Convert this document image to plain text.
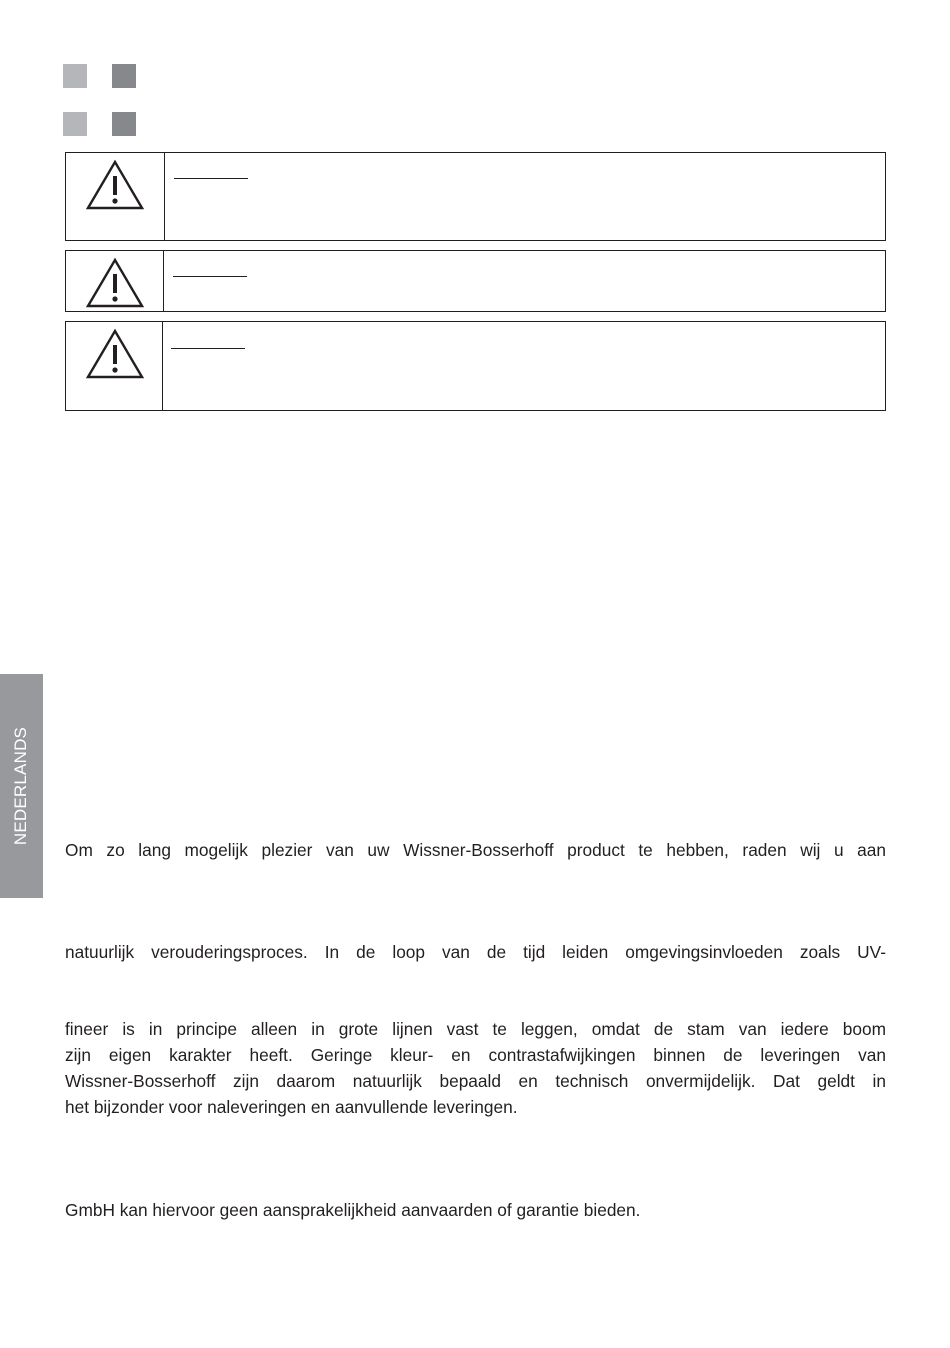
NEDERLANDS

Om zo lang mogelijk plezier van uw Wissner-Bosserhoff product te hebben, raden wij u aan

natuurlijk verouderingsproces. In de loop van de tijd leiden omgevingsinvloeden zoals UV-

fineer is in principe alleen in grote lijnen vast te leggen, omdat de stam van iedere boom
zijn eigen karakter heeft. Geringe kleur- en contrastafwijkingen binnen de leveringen van
Wissner-Bosserhoff zijn daarom natuurlijk bepaald en technisch onvermijdelijk. Dat geldt in
het bijzonder voor naleveringen en aanvullende leveringen.

GmbH kan hiervoor geen aansprakelijkheid aanvaarden of garantie bieden.
